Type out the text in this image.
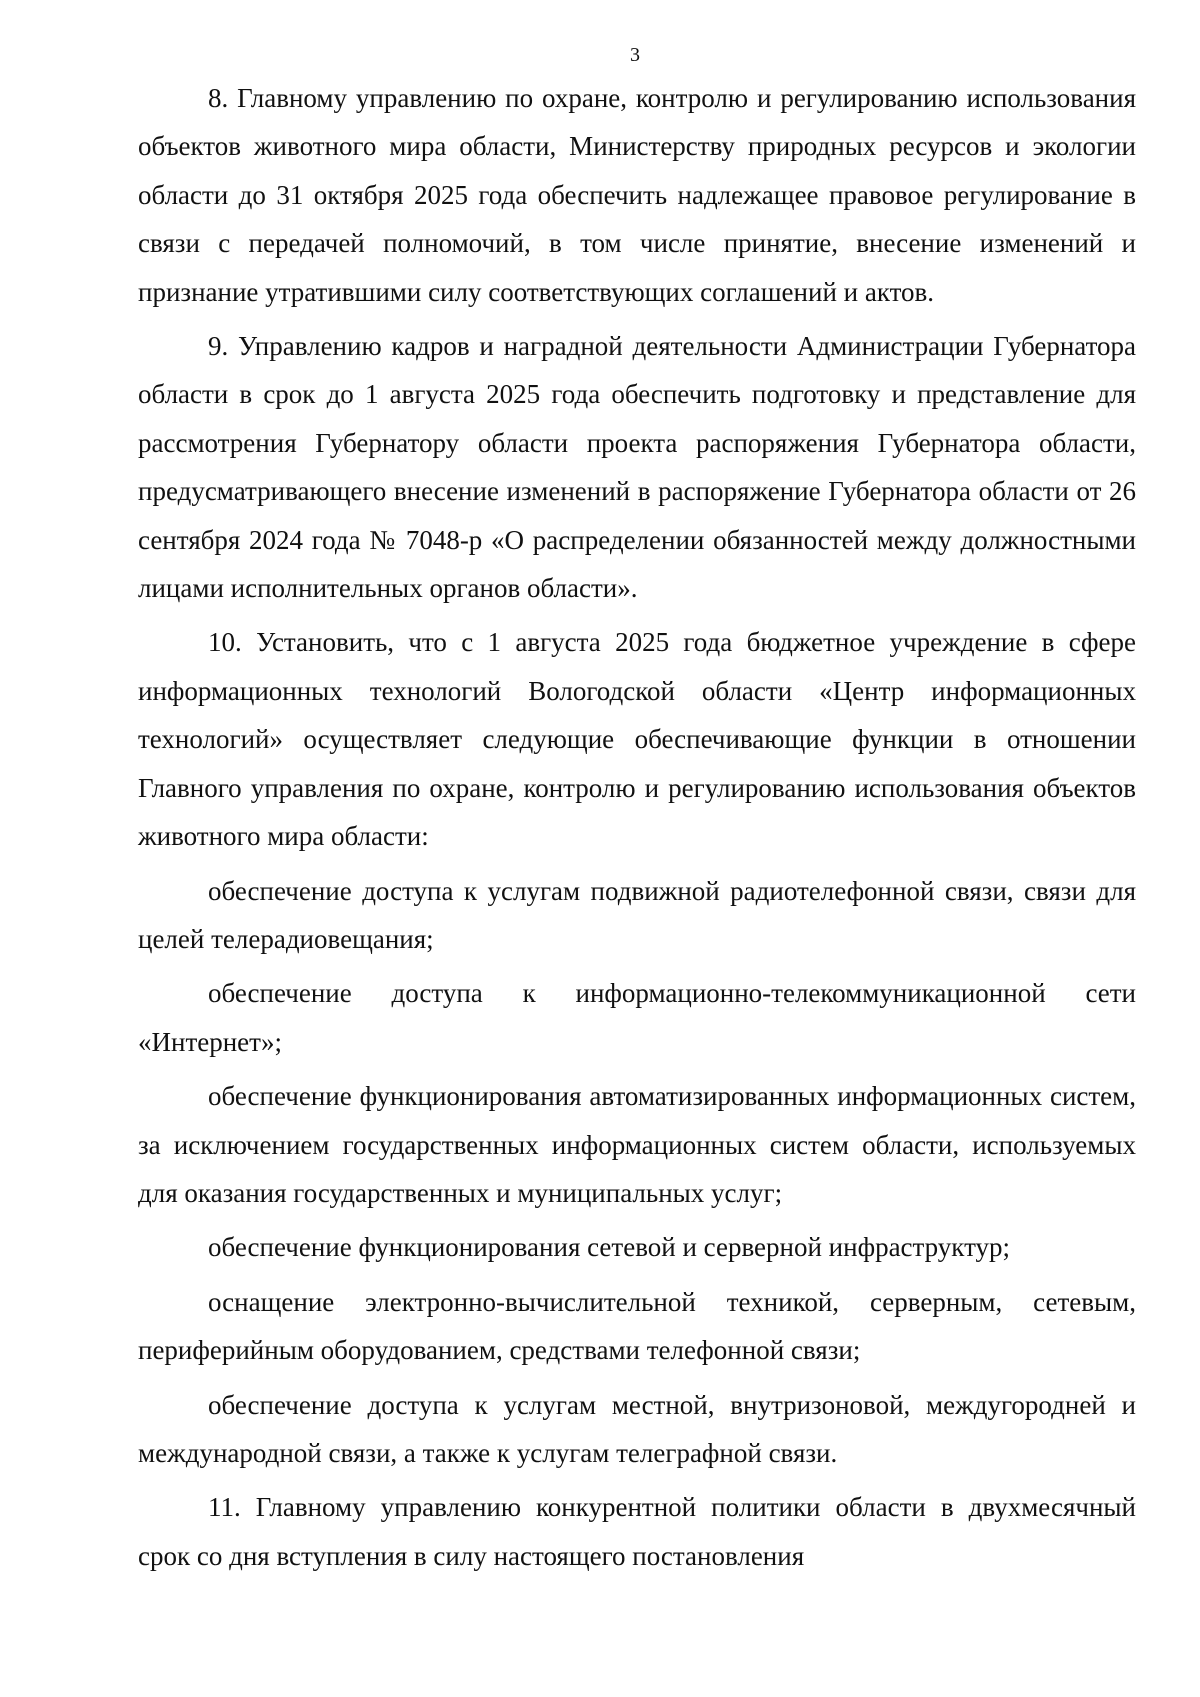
3

8. Главному управлению по охране, контролю и регулированию использования объектов животного мира области, Министерству природных ресурсов и экологии области до 31 октября 2025 года обеспечить надлежащее правовое регулирование в связи с передачей полномочий, в том числе принятие, внесение изменений и признание утратившими силу соответствующих соглашений и актов.

9. Управлению кадров и наградной деятельности Администрации Губернатора области в срок до 1 августа 2025 года обеспечить подготовку и представление для рассмотрения Губернатору области проекта распоряжения Губернатора области, предусматривающего внесение изменений в распоряжение Губернатора области от 26 сентября 2024 года № 7048-р «О распределении обязанностей между должностными лицами исполнительных органов области».

10. Установить, что с 1 августа 2025 года бюджетное учреждение в сфере информационных технологий Вологодской области «Центр информационных технологий» осуществляет следующие обеспечивающие функции в отношении Главного управления по охране, контролю и регулированию использования объектов животного мира области:

обеспечение доступа к услугам подвижной радиотелефонной связи, связи для целей телерадиовещания;

обеспечение доступа к информационно-телекоммуникационной сети «Интернет»;

обеспечение функционирования автоматизированных информационных систем, за исключением государственных информационных систем области, используемых для оказания государственных и муниципальных услуг;

обеспечение функционирования сетевой и серверной инфраструктур;

оснащение электронно-вычислительной техникой, серверным, сетевым, периферийным оборудованием, средствами телефонной связи;

обеспечение доступа к услугам местной, внутризоновой, междугородней и международной связи, а также к услугам телеграфной связи.

11. Главному управлению конкурентной политики области в двухмесячный срок со дня вступления в силу настоящего постановления
